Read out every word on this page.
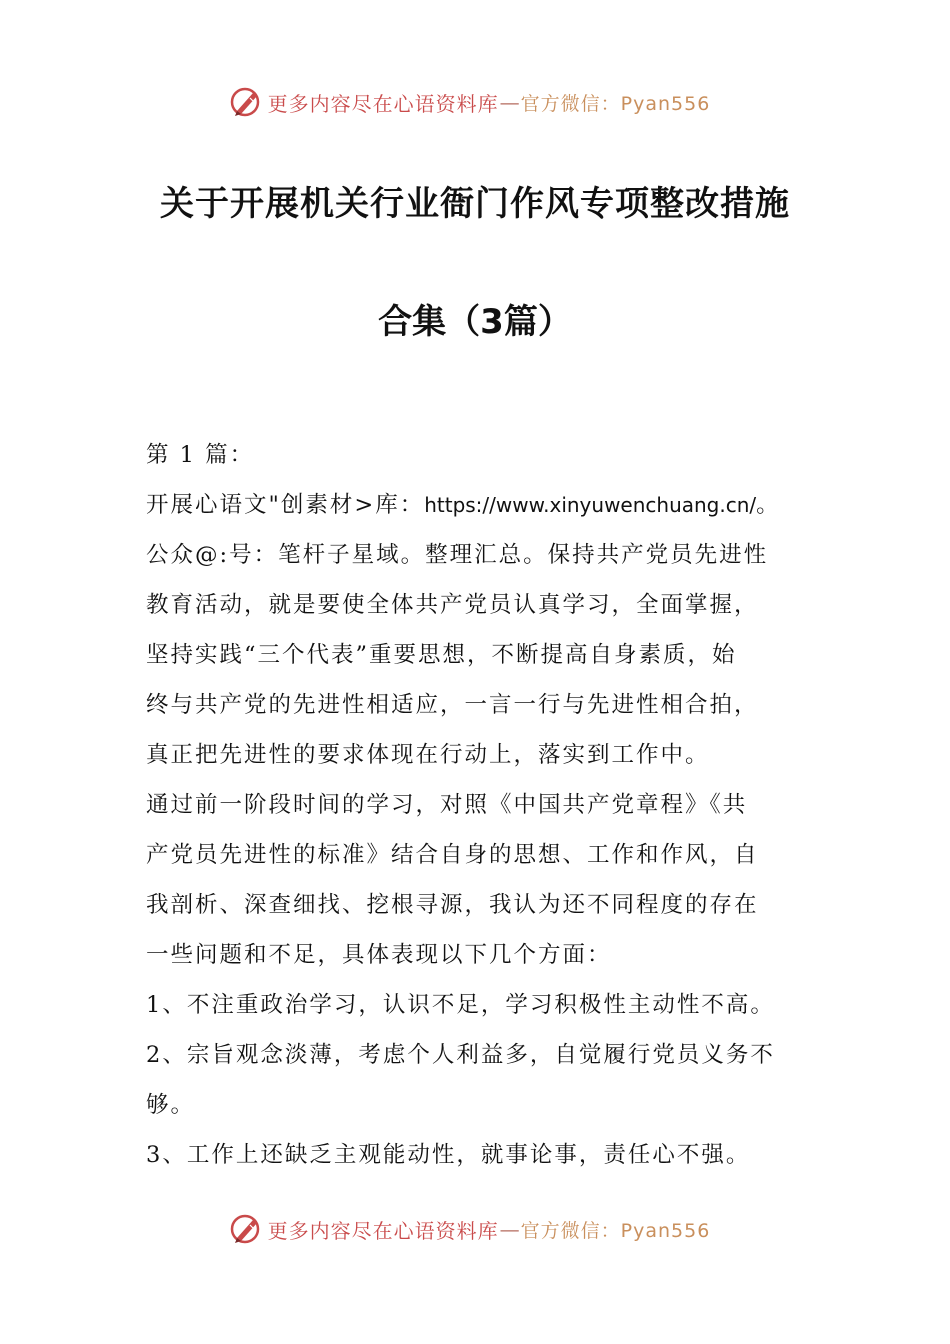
更多内容尽在心语资料库 — 官方微信：Pyan556
关于开展机关行业衙门作风专项整改措施
合集（3篇）
第 1 篇：
开展心语文"创素材>库：https://www.xinyuwenchuang.cn/。
公众@:号：笔杆子星域。整理汇总。保持共产党员先进性
教育活动，就是要使全体共产党员认真学习，全面掌握，
坚持实践“三个代表”重要思想，不断提高自身素质，始
终与共产党的先进性相适应，一言一行与先进性相合拍，
真正把先进性的要求体现在行动上，落实到工作中。
通过前一阶段时间的学习，对照《中国共产党章程》《共
产党员先进性的标准》结合自身的思想、工作和作风，自
我剖析、深查细找、挖根寻源，我认为还不同程度的存在
一些问题和不足，具体表现以下几个方面：
1、不注重政治学习，认识不足，学习积极性主动性不高。
2、宗旨观念淡薄，考虑个人利益多，自觉履行党员义务不
够。
3、工作上还缺乏主观能动性，就事论事，责任心不强。
更多内容尽在心语资料库 — 官方微信：Pyan556
